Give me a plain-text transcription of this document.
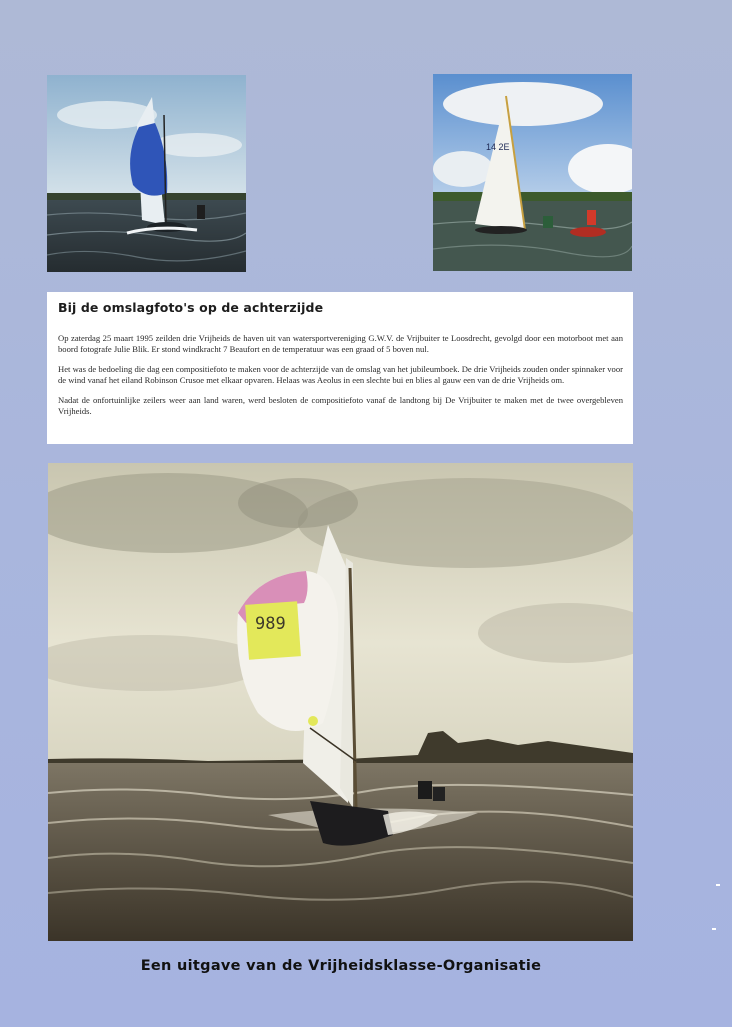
14 2E
Bij de omslagfoto's op de achterzijde

Op zaterdag 25 maart 1995 zeilden drie Vrijheids de haven uit van watersportvereniging G.W.V. de Vrijbuiter te Loosdrecht, gevolgd door een motorboot met aan boord fotografe Julie Blik. Er stond windkracht 7 Beaufort en de temperatuur was een graad of 5 boven nul.

Het was de bedoeling die dag een compositiefoto te maken voor de achterzijde van de omslag van het jubileumboek. De drie Vrijheids zouden onder spinnaker voor de wind vanaf het eiland Robinson Crusoe met elkaar opvaren. Helaas was Aeolus in een slechte bui en blies al gauw een van de drie Vrijheids om.

Nadat de onfortuinlijke zeilers weer aan land waren, werd besloten de compositiefoto vanaf de landtong bij De Vrijbuiter te maken met de twee overgebleven Vrijheids.

989
Een uitgave van de Vrijheidsklasse-Organisatie
